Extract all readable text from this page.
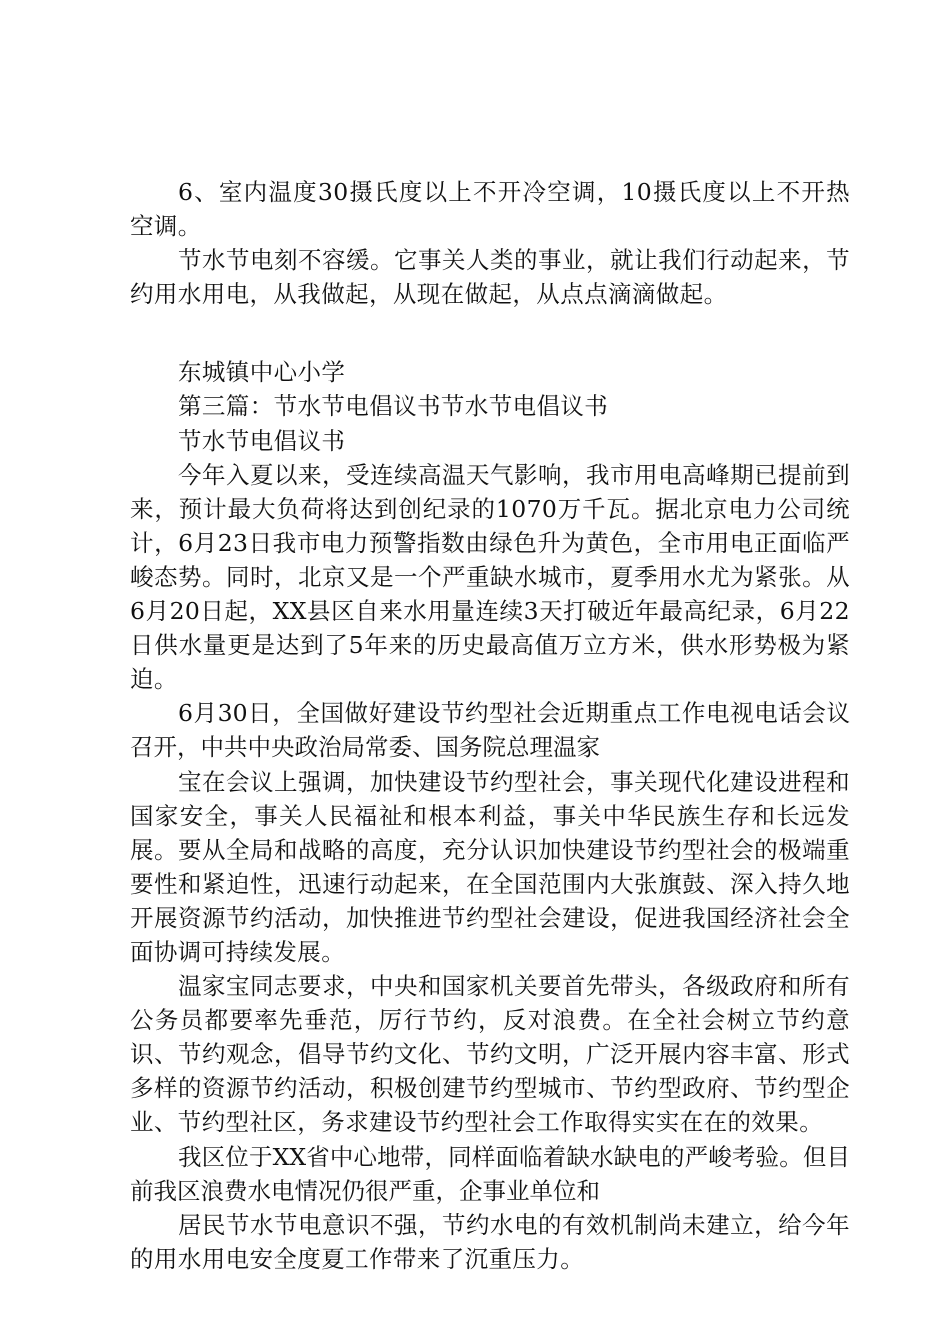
6、室内温度30摄氏度以上不开冷空调，10摄氏度以上不开热空调。

节水节电刻不容缓。它事关人类的事业，就让我们行动起来，节约用水用电，从我做起，从现在做起，从点点滴滴做起。

东城镇中心小学

第三篇：节水节电倡议书节水节电倡议书

节水节电倡议书

今年入夏以来，受连续高温天气影响，我市用电高峰期已提前到来，预计最大负荷将达到创纪录的1070万千瓦。据北京电力公司统计，6月23日我市电力预警指数由绿色升为黄色，全市用电正面临严峻态势。同时，北京又是一个严重缺水城市，夏季用水尤为紧张。从6月20日起，XX县区自来水用量连续3天打破近年最高纪录，6月22日供水量更是达到了5年来的历史最高值万立方米，供水形势极为紧迫。

6月30日，全国做好建设节约型社会近期重点工作电视电话会议召开，中共中央政治局常委、国务院总理温家

宝在会议上强调，加快建设节约型社会，事关现代化建设进程和国家安全，事关人民福祉和根本利益，事关中华民族生存和长远发展。要从全局和战略的高度，充分认识加快建设节约型社会的极端重要性和紧迫性，迅速行动起来，在全国范围内大张旗鼓、深入持久地开展资源节约活动，加快推进节约型社会建设，促进我国经济社会全面协调可持续发展。

温家宝同志要求，中央和国家机关要首先带头，各级政府和所有公务员都要率先垂范，厉行节约，反对浪费。在全社会树立节约意识、节约观念，倡导节约文化、节约文明，广泛开展内容丰富、形式多样的资源节约活动，积极创建节约型城市、节约型政府、节约型企业、节约型社区，务求建设节约型社会工作取得实实在在的效果。

我区位于XX省中心地带，同样面临着缺水缺电的严峻考验。但目前我区浪费水电情况仍很严重，企事业单位和

居民节水节电意识不强，节约水电的有效机制尚未建立，给今年的用水用电安全度夏工作带来了沉重压力。
